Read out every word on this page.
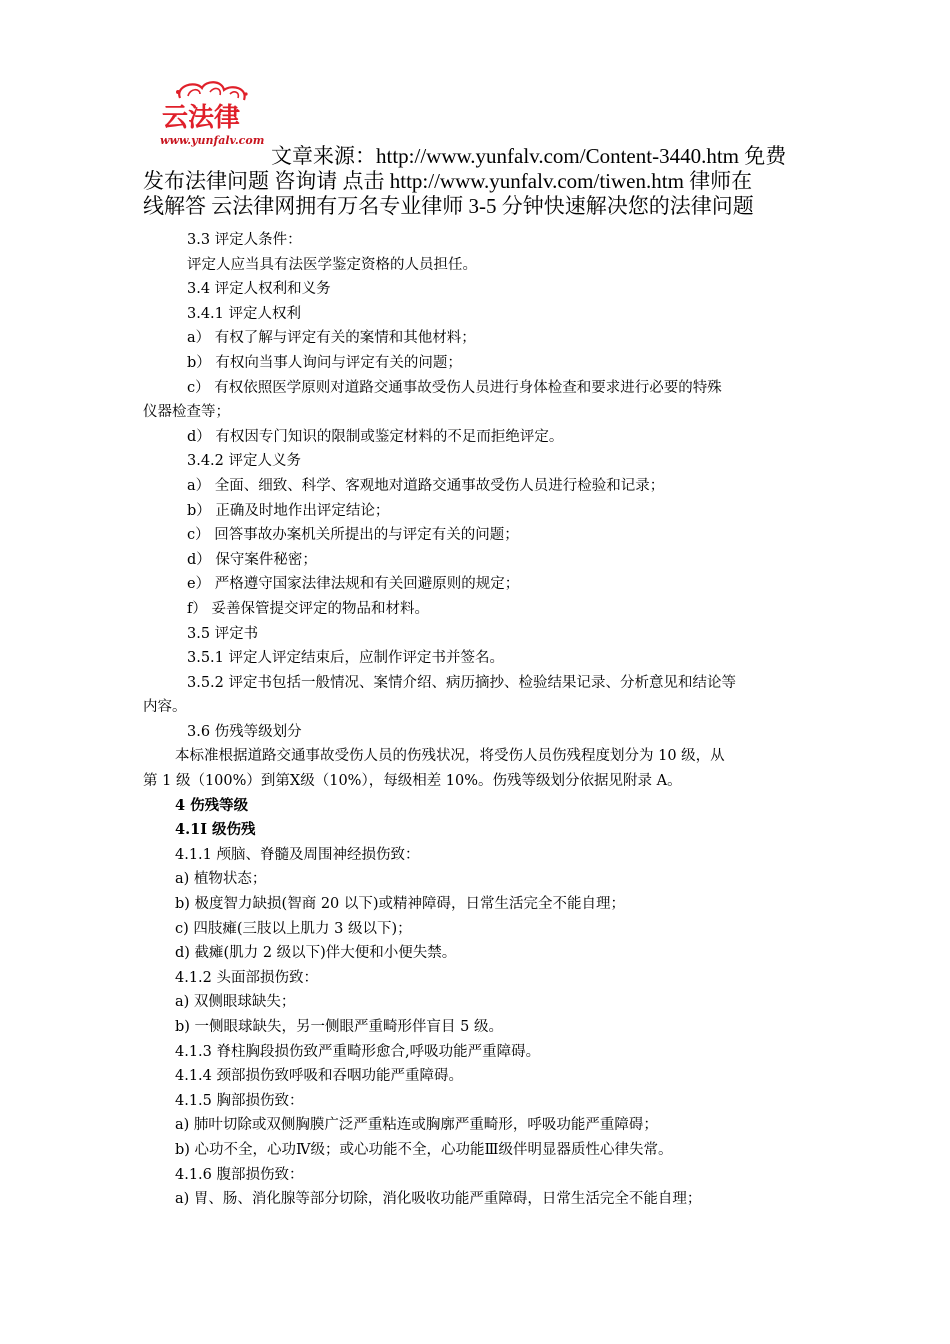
云法律
www.yunfalv.com
文章来源：http://www.yunfalv.com/Content-3440.htm 免费
发布法律问题 咨询请 点击 http://www.yunfalv.com/tiwen.htm 律师在
线解答 云法律网拥有万名专业律师 3-5 分钟快速解决您的法律问题
3.3 评定人条件：
评定人应当具有法医学鉴定资格的人员担任。
3.4 评定人权利和义务
3.4.1 评定人权利
a） 有权了解与评定有关的案情和其他材料；
b） 有权向当事人询问与评定有关的问题；
c） 有权依照医学原则对道路交通事故受伤人员进行身体检查和要求进行必要的特殊
仪器检查等；
d） 有权因专门知识的限制或鉴定材料的不足而拒绝评定。
3.4.2 评定人义务
a） 全面、细致、科学、客观地对道路交通事故受伤人员进行检验和记录；
b） 正确及时地作出评定结论；
c） 回答事故办案机关所提出的与评定有关的问题；
d） 保守案件秘密；
e） 严格遵守国家法律法规和有关回避原则的规定；
f） 妥善保管提交评定的物品和材料。
3.5 评定书
3.5.1 评定人评定结束后，应制作评定书并签名。
3.5.2 评定书包括一般情况、案情介绍、病历摘抄、检验结果记录、分析意见和结论等
内容。
3.6 伤残等级划分
本标准根据道路交通事故受伤人员的伤残状况，将受伤人员伤残程度划分为 10 级，从
第 1 级（100%）到第Ⅹ级（10%），每级相差 10%。伤残等级划分依据见附录 A。
4 伤残等级
4.1Ⅰ 级伤残
4.1.1 颅脑、脊髓及周围神经损伤致：
a) 植物状态；
b) 极度智力缺损(智商 20 以下)或精神障碍，日常生活完全不能自理；
c) 四肢瘫(三肢以上肌力 3 级以下)；
d) 截瘫(肌力 2 级以下)伴大便和小便失禁。
4.1.2 头面部损伤致：
a) 双侧眼球缺失；
b) 一侧眼球缺失，另一侧眼严重畸形伴盲目 5 级。
4.1.3 脊柱胸段损伤致严重畸形愈合,呼吸功能严重障碍。
4.1.4 颈部损伤致呼吸和吞咽功能严重障碍。
4.1.5 胸部损伤致：
a) 肺叶切除或双侧胸膜广泛严重粘连或胸廓严重畸形，呼吸功能严重障碍；
b) 心功不全，心功Ⅳ级；或心功能不全，心功能Ⅲ级伴明显器质性心律失常。
4.1.6 腹部损伤致：
a) 胃、肠、消化腺等部分切除，消化吸收功能严重障碍，日常生活完全不能自理；
